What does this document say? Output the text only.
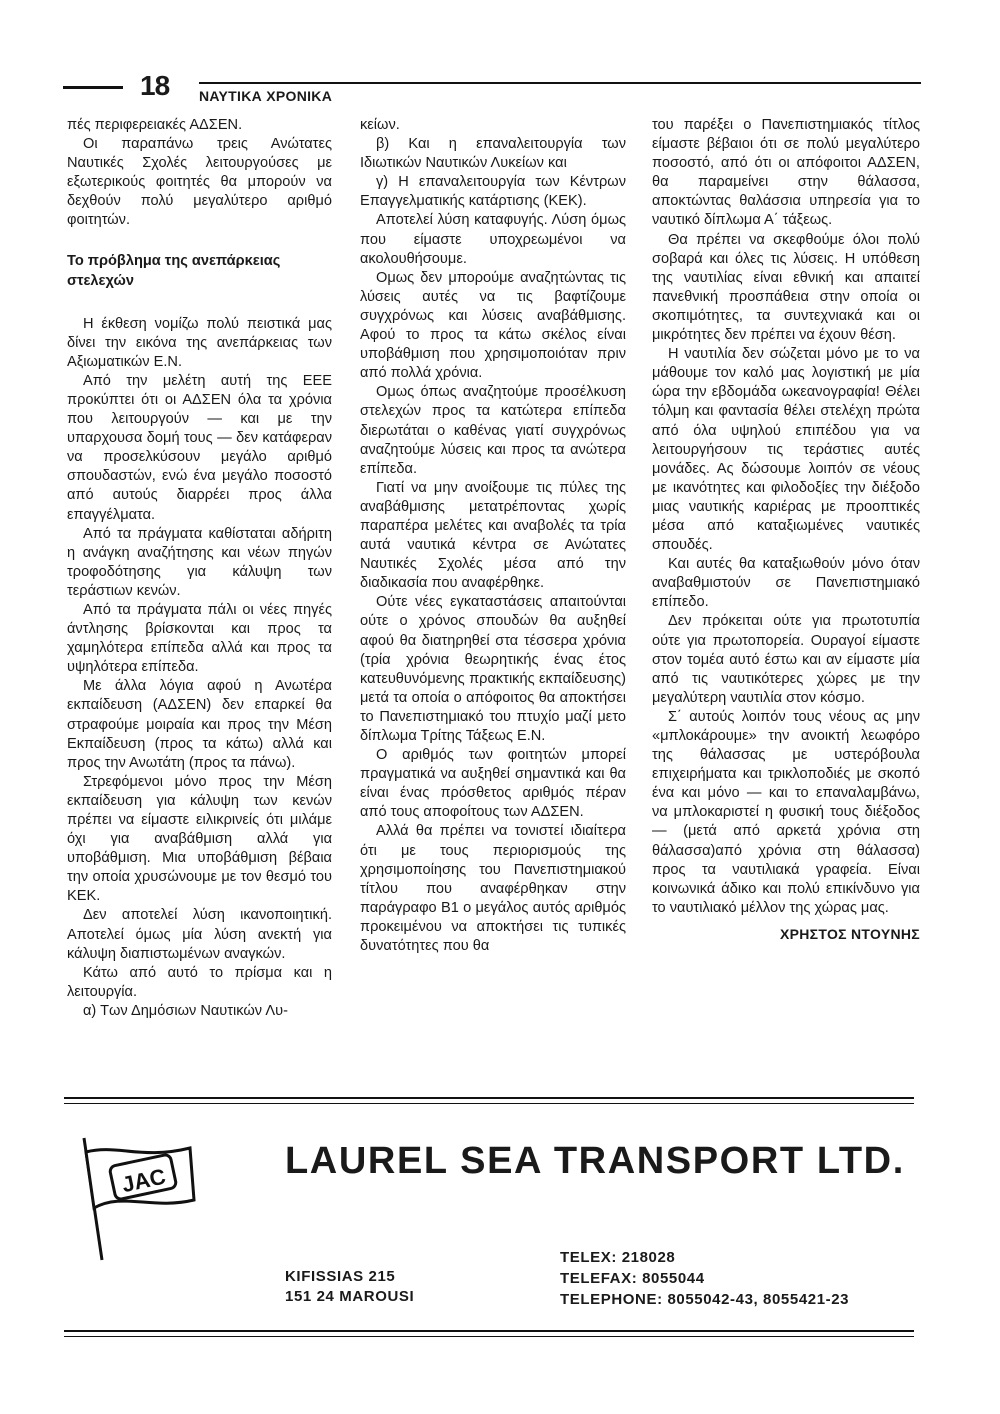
18 ΝΑΥΤΙΚΑ ΧΡΟΝΙΚΑ

πές περιφερειακές ΑΔΣΕΝ.

Οι παραπάνω τρεις Ανώτατες Ναυτικές Σχολές λειτουργούσες με εξωτερικούς φοιτητές θα μπορούν να δεχθούν πολύ μεγαλύτερο αριθμό φοιτητών.

Το πρόβλημα της ανεπάρκειας στελεχών

Η έκθεση νομίζω πολύ πειστικά μας δίνει την εικόνα της ανεπάρκειας των Αξιωματικών Ε.Ν.

Από την μελέτη αυτή της ΕΕΕ προκύπτει ότι οι ΑΔΣΕΝ όλα τα χρόνια που λειτουργούν — και με την υπαρχουσα δομή τους — δεν κατάφεραν να προσελκύσουν μεγάλο αριθμό σπουδαστών, ενώ ένα μεγάλο ποσοστό από αυτούς διαρρέει προς άλλα επαγγέλματα.

Από τα πράγματα καθίσταται αδήριτη η ανάγκη αναζήτησης και νέων πηγών τροφοδότησης για κάλυψη των τεράστιων κενών.

Από τα πράγματα πάλι οι νέες πηγές άντλησης βρίσκονται και προς τα χαμηλότερα επίπεδα αλλά και προς τα υψηλότερα επίπεδα.

Με άλλα λόγια αφού η Ανωτέρα εκπαίδευση (ΑΔΣΕΝ) δεν επαρκεί θα στραφούμε μοιραία και προς την Μέση Εκπαίδευση (προς τα κάτω) αλλά και προς την Ανωτάτη (προς τα πάνω).

Στρεφόμενοι μόνο προς την Μέση εκπαίδευση για κάλυψη των κενών πρέπει να είμαστε ειλικρινείς ότι μιλάμε όχι για αναβάθμιση αλλά για υποβάθμιση. Μια υποβάθμιση βέβαια την οποία χρυσώνουμε με τον θεσμό του ΚΕΚ.

Δεν αποτελεί λύση ικανοποιητική. Αποτελεί όμως μία λύση ανεκτή για κάλυψη διαπιστωμένων αναγκών.

Κάτω από αυτό το πρίσμα και η λειτουργία.

α) Των Δημόσιων Ναυτικών Λυ-

κείων.

β) Και η επαναλειτουργία των Ιδιωτικών Ναυτικών Λυκείων και

γ) Η επαναλειτουργία των Κέντρων Επαγγελματικής κατάρτισης (ΚΕΚ).

Αποτελεί λύση καταφυγής. Λύση όμως που είμαστε υποχρεωμένοι να ακολουθήσουμε.

Ομως δεν μπορούμε αναζητώντας τις λύσεις αυτές να τις βαφτίζουμε συγχρόνως και λύσεις αναβάθμισης. Αφού το προς τα κάτω σκέλος είναι υποβάθμιση που χρησιμοποιόταν πριν από πολλά χρόνια.

Ομως όπως αναζητούμε προσέλκυση στελεχών προς τα κατώτερα επίπεδα διερωτάται ο καθένας γιατί συγχρόνως αναζητούμε λύσεις και προς τα ανώτερα επίπεδα.

Γιατί να μην ανοίξουμε τις πύλες της αναβάθμισης μετατρέποντας χωρίς παραπέρα μελέτες και αναβολές τα τρία αυτά ναυτικά κέντρα σε Ανώτατες Ναυτικές Σχολές μέσα από την διαδικασία που αναφέρθηκε.

Ούτε νέες εγκαταστάσεις απαιτούνται ούτε ο χρόνος σπουδών θα αυξηθεί αφού θα διατηρηθεί στα τέσσερα χρόνια (τρία χρόνια θεωρητικής ένας έτος κατευθυνόμενης πρακτικής εκπαίδευσης) μετά τα οποία ο απόφοιτος θα αποκτήσει το Πανεπιστημιακό του πτυχίο μαζί μετο δίπλωμα Τρίτης Τάξεως Ε.Ν.

Ο αριθμός των φοιτητών μπορεί πραγματικά να αυξηθεί σημαντικά και θα είναι ένας πρόσθετος αριθμός πέραν από τους αποφοίτους των ΑΔΣΕΝ.

Αλλά θα πρέπει να τονιστεί ιδιαίτερα ότι με τους περιορισμούς της χρησιμοποίησης του Πανεπιστημιακού τίτλου που αναφέρθηκαν στην παράγραφο Β1 ο μεγάλος αυτός αριθμός προκειμένου να αποκτήσει τις τυπικές δυνατότητες που θα

του παρέξει ο Πανεπιστημιακός τίτλος είμαστε βέβαιοι ότι σε πολύ μεγαλύτερο ποσοστό, από ότι οι απόφοιτοι ΑΔΣΕΝ, θα παραμείνει στην θάλασσα, αποκτώντας θαλάσσια υπηρεσία για το ναυτικό δίπλωμα Α΄ τάξεως.

Θα πρέπει να σκεφθούμε όλοι πολύ σοβαρά και όλες τις λύσεις. Η υπόθεση της ναυτιλίας είναι εθνική και απαιτεί πανεθνική προσπάθεια στην οποία οι σκοπιμότητες, τα συντεχνιακά και οι μικρότητες δεν πρέπει να έχουν θέση.

Η ναυτιλία δεν σώζεται μόνο με το να μάθουμε τον καλό μας λογιστική με μία ώρα την εβδομάδα ωκεανογραφία! Θέλει τόλμη και φαντασία θέλει στελέχη πρώτα από όλα υψηλού επιπέδου για να λειτουργήσουν τις τεράστιες αυτές μονάδες. Ας δώσουμε λοιπόν σε νέους με ικανότητες και φιλοδοξίες την διέξοδο μιας ναυτικής καριέρας με προοπτικές μέσα από καταξιωμένες ναυτικές σπουδές.

Και αυτές θα καταξιωθούν μόνο όταν αναβαθμιστούν σε Πανεπιστημιακό επίπεδο.

Δεν πρόκειται ούτε για πρωτοτυπία ούτε για πρωτοπορεία. Ουραγοί είμαστε στον τομέα αυτό έστω και αν είμαστε μία από τις ναυτικότερες χώρες με την μεγαλύτερη ναυτιλία στον κόσμο.

Σ΄ αυτούς λοιπόν τους νέους ας μην «μπλοκάρουμε» την ανοικτή λεωφόρο της θάλασσας με υστερόβουλα επιχειρήματα και τρικλοποδιές με σκοπό ένα και μόνο — και το επαναλαμβάνω, να μπλοκαριστεί η φυσική τους διέξοδος — (μετά από αρκετά χρόνια στη θάλασσα)από χρόνια στη θάλασσα) προς τα ναυτιλιακά γραφεία. Είναι κοινωνικά άδικο και πολύ επικίνδυνο για το ναυτιλιακό μέλλον της χώρας μας.

ΧΡΗΣΤΟΣ ΝΤΟΥΝΗΣ

JAC	LAUREL SEA TRANSPORT LTD.
KIFISSIAS 215
151 24 MAROUSI
TELEX: 218028
TELEFAX: 8055044
TELEPHONE: 8055042-43, 8055421-23
